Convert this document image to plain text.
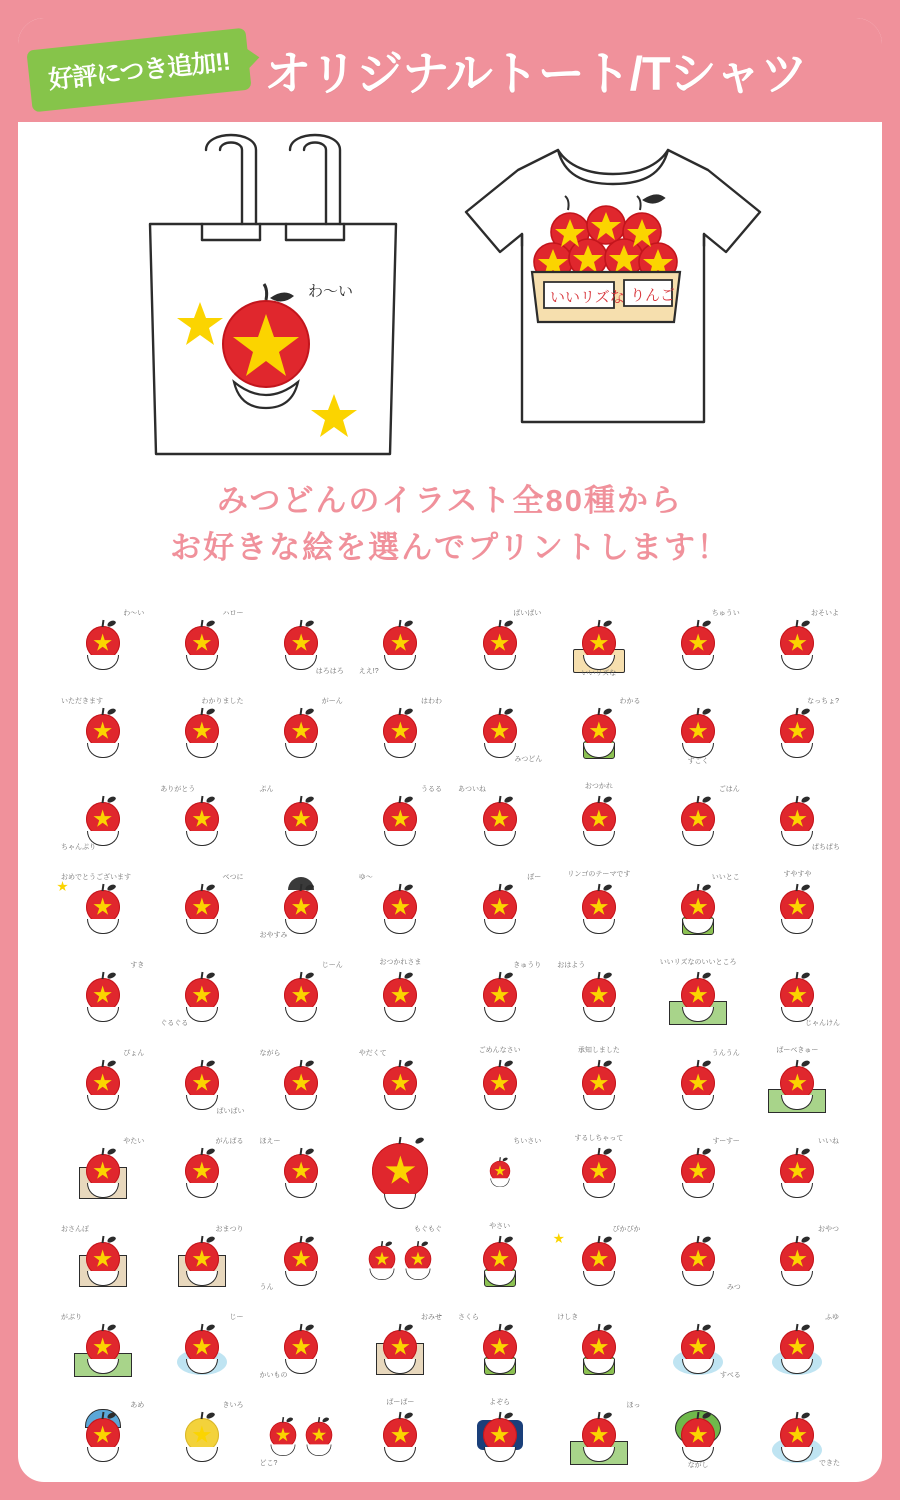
好評につき追加!! オリジナルトート/Tシャツ
わ〜い	いいリズな りんご
みつどんのイラスト全80種から
お好きな絵を選んでプリントします！
わ〜い	ハロー
はろはろ ええ!?
ばいばい
いいリズな
ちゅうい	おそいよ
いただきます	わかりました	がーん	はわわ
みつどん
わかる
すごく
なっちょ?
ちゃんぷり
ありがとう	ぷん	うるる あついね	おつかれ	ごはん
ぱちぱち
おめでとうございます	べつに
おやすみ
ゆ〜	ぼー	リンゴのテーマです	いいとこ	すやすや
すき
ぐるぐる
じーん	おつかれさま	きゅうり おはよう	いいリズなのいいところ
じゃんけん
ぴょん
ばいばい
ながら	やだくて	ごめんなさい	承知しました	うんうん	ばーべきゅー
やたい	がんばる ほえー	ちいさい	するしちゃって	すーすー	いいね
おさんぽ	おまつり
うん
もぐもぐ	やさい	ぴかぴか
みつ
おやつ
がぶり	じー
かいもの
おみせ さくら	けしき
すべる
ふゆ
あめ	きいろ
どこ?
ばーばー	よぞら	ほっ
ながし	できた
